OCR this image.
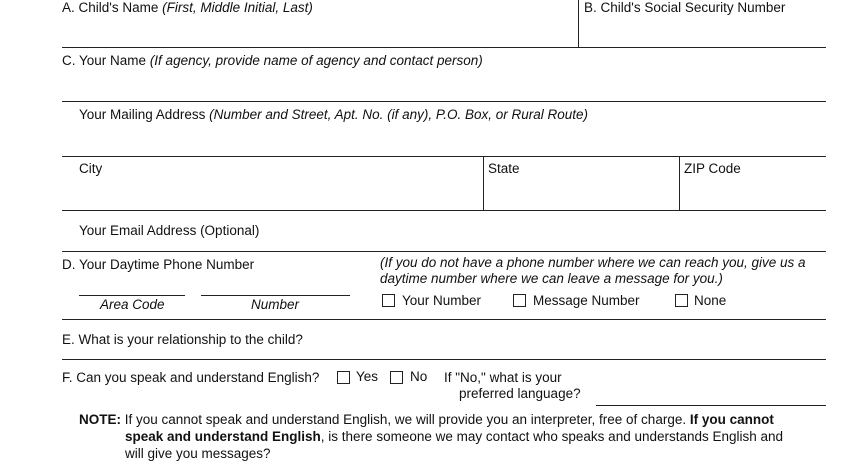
A. Child's Name (First, Middle Initial, Last)	B. Child's Social Security Number
C. Your Name (If agency, provide name of agency and contact person)
Your Mailing Address (Number and Street, Apt. No. (if any), P.O. Box, or Rural Route)
City	State	ZIP Code
Your Email Address (Optional)
D. Your Daytime Phone Number	(If you do not have a phone number where we can reach you, give us a
daytime number where we can leave a message for you.)
Area Code	Number	Your Number	Message Number	None
E. What is your relationship to the child?
F. Can you speak and understand English?	Yes No If "No," what is your
preferred language?
NOTE: If you cannot speak and understand English, we will provide you an interpreter, free of charge. If you cannot
speak and understand English, is there someone we may contact who speaks and understands English and
will give you messages?
